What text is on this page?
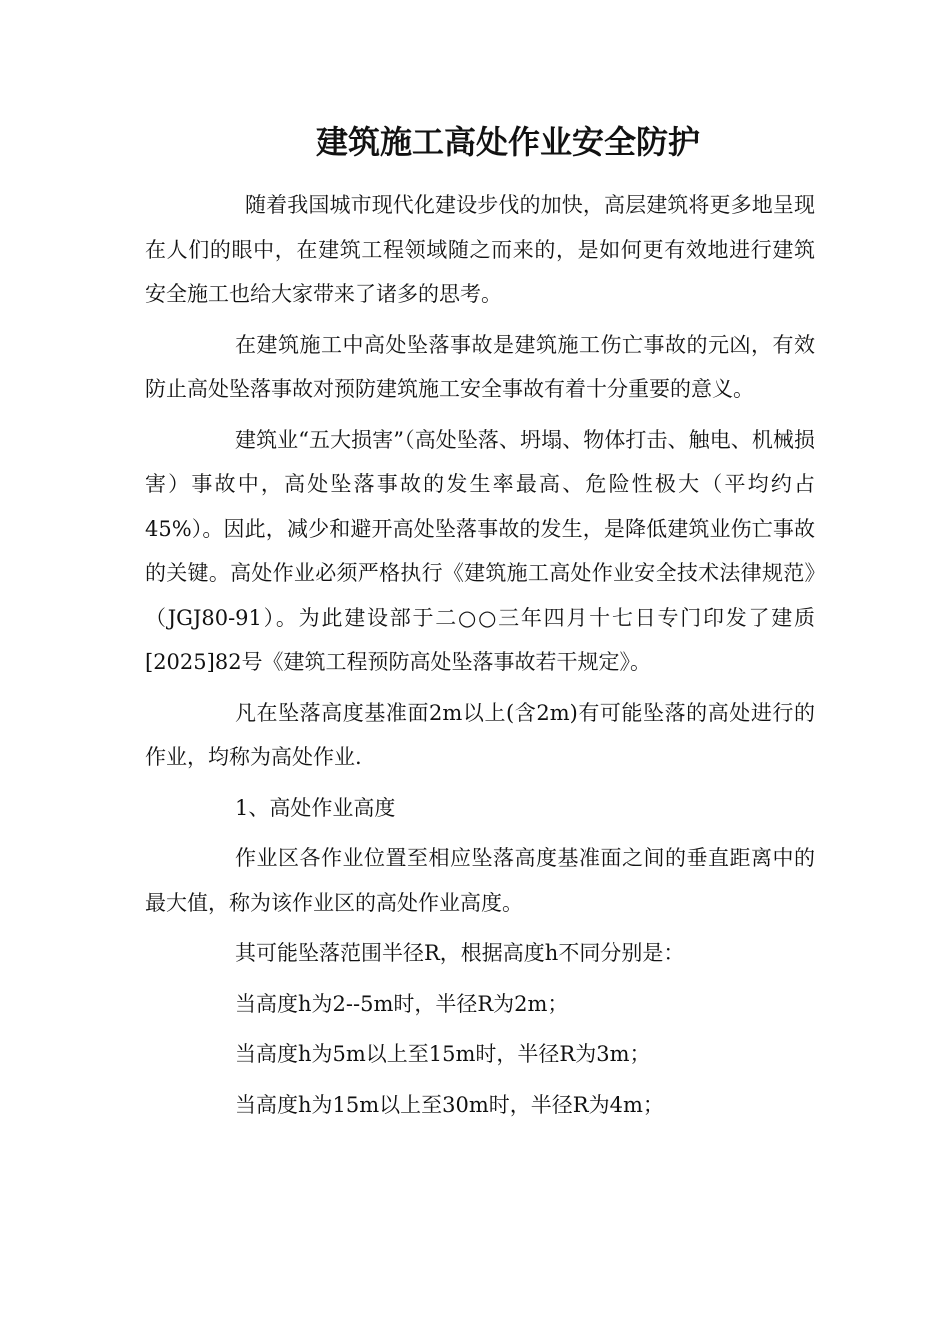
建筑施工高处作业安全防护

随着我国城市现代化建设步伐的加快，高层建筑将更多地呈现在人们的眼中，在建筑工程领域随之而来的，是如何更有效地进行建筑安全施工也给大家带来了诸多的思考。

在建筑施工中高处坠落事故是建筑施工伤亡事故的元凶，有效防止高处坠落事故对预防建筑施工安全事故有着十分重要的意义。

建筑业“五大损害”（高处坠落、坍塌、物体打击、触电、机械损害）事故中，高处坠落事故的发生率最高、危险性极大（平均约占45%）。因此，减少和避开高处坠落事故的发生，是降低建筑业伤亡事故的关键。高处作业必须严格执行《建筑施工高处作业安全技术法律规范》（JGJ80-91）。为此建设部于二○○三年四月十七日专门印发了建质[2025]82号《建筑工程预防高处坠落事故若干规定》。

凡在坠落高度基准面2m以上(含2m)有可能坠落的高处进行的作业，均称为高处作业.

1、高处作业高度

作业区各作业位置至相应坠落高度基准面之间的垂直距离中的最大值，称为该作业区的高处作业高度。

其可能坠落范围半径R，根据高度h不同分别是：

当高度h为2--5m时，半径R为2m；

当高度h为5m以上至15m时，半径R为3m；

当高度h为15m以上至30m时，半径R为4m；
